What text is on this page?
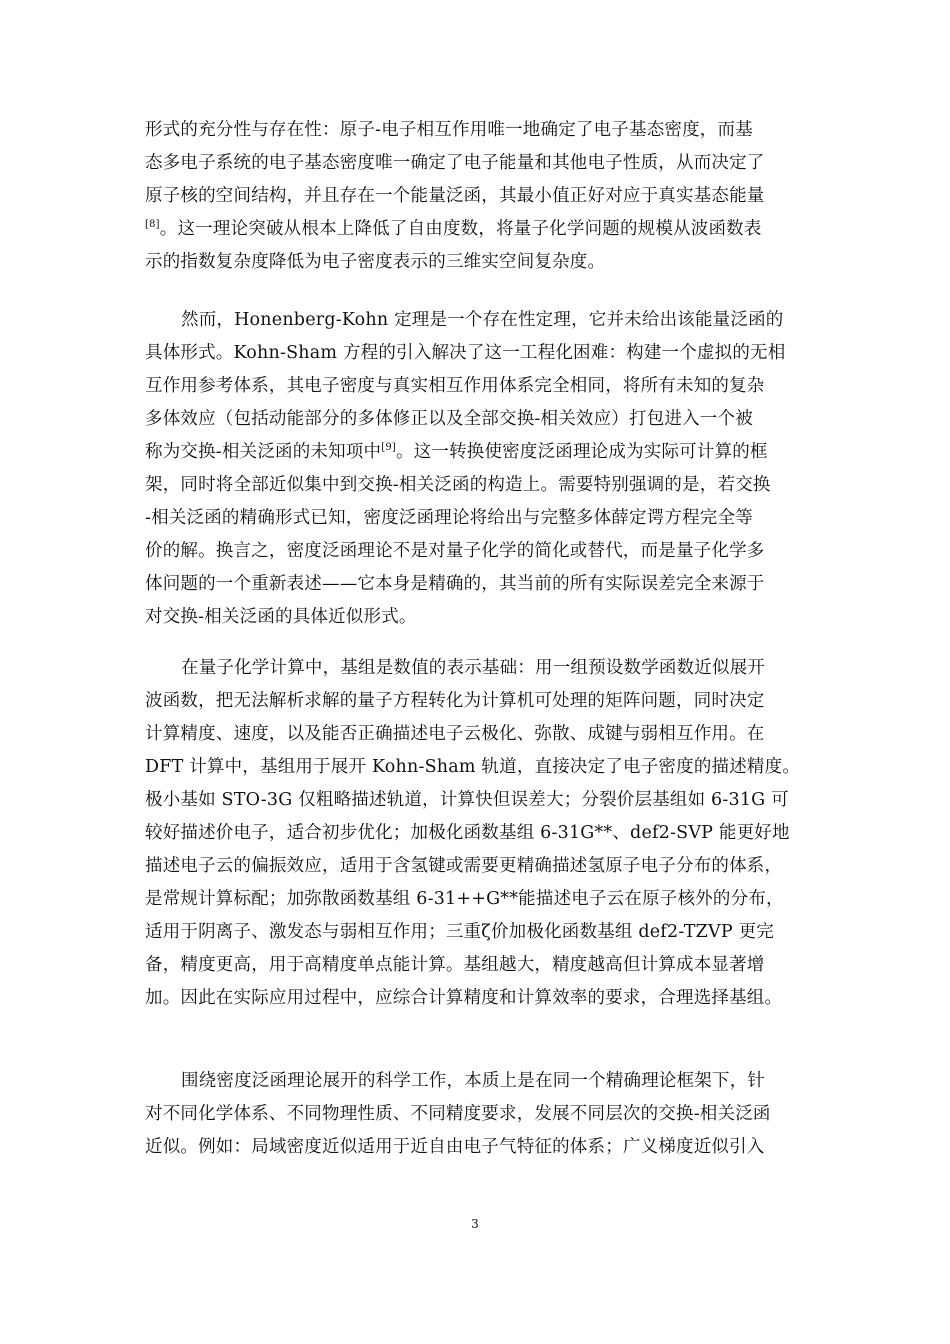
形式的充分性与存在性：原子-电子相互作用唯一地确定了电子基态密度，而基
态多电子系统的电子基态密度唯一确定了电子能量和其他电子性质，从而决定了
原子核的空间结构，并且存在一个能量泛函，其最小值正好对应于真实基态能量
[8]。这一理论突破从根本上降低了自由度数，将量子化学问题的规模从波函数表
示的指数复杂度降低为电子密度表示的三维实空间复杂度。
然而，Honenberg-Kohn 定理是一个存在性定理，它并未给出该能量泛函的
具体形式。Kohn-Sham 方程的引入解决了这一工程化困难：构建一个虚拟的无相
互作用参考体系，其电子密度与真实相互作用体系完全相同，将所有未知的复杂
多体效应（包括动能部分的多体修正以及全部交换-相关效应）打包进入一个被
称为交换-相关泛函的未知项中[9]。这一转换使密度泛函理论成为实际可计算的框
架，同时将全部近似集中到交换-相关泛函的构造上。需要特别强调的是，若交换
-相关泛函的精确形式已知，密度泛函理论将给出与完整多体薛定谔方程完全等
价的解。换言之，密度泛函理论不是对量子化学的简化或替代，而是量子化学多
体问题的一个重新表述——它本身是精确的，其当前的所有实际误差完全来源于
对交换-相关泛函的具体近似形式。
在量子化学计算中，基组是数值的表示基础：用一组预设数学函数近似展开
波函数，把无法解析求解的量子方程转化为计算机可处理的矩阵问题，同时决定
计算精度、速度，以及能否正确描述电子云极化、弥散、成键与弱相互作用。在
DFT 计算中，基组用于展开 Kohn-Sham 轨道，直接决定了电子密度的描述精度。
极小基如 STO-3G 仅粗略描述轨道，计算快但误差大；分裂价层基组如 6-31G 可
较好描述价电子，适合初步优化；加极化函数基组 6-31G**、def2-SVP 能更好地
描述电子云的偏振效应，适用于含氢键或需要更精确描述氢原子电子分布的体系，
是常规计算标配；加弥散函数基组 6-31++G**能描述电子云在原子核外的分布，
适用于阴离子、激发态与弱相互作用；三重ζ价加极化函数基组 def2-TZVP 更完
备，精度更高，用于高精度单点能计算。基组越大，精度越高但计算成本显著增
加。因此在实际应用过程中，应综合计算精度和计算效率的要求，合理选择基组。
围绕密度泛函理论展开的科学工作，本质上是在同一个精确理论框架下，针
对不同化学体系、不同物理性质、不同精度要求，发展不同层次的交换-相关泛函
近似。例如：局域密度近似适用于近自由电子气特征的体系；广义梯度近似引入
3
